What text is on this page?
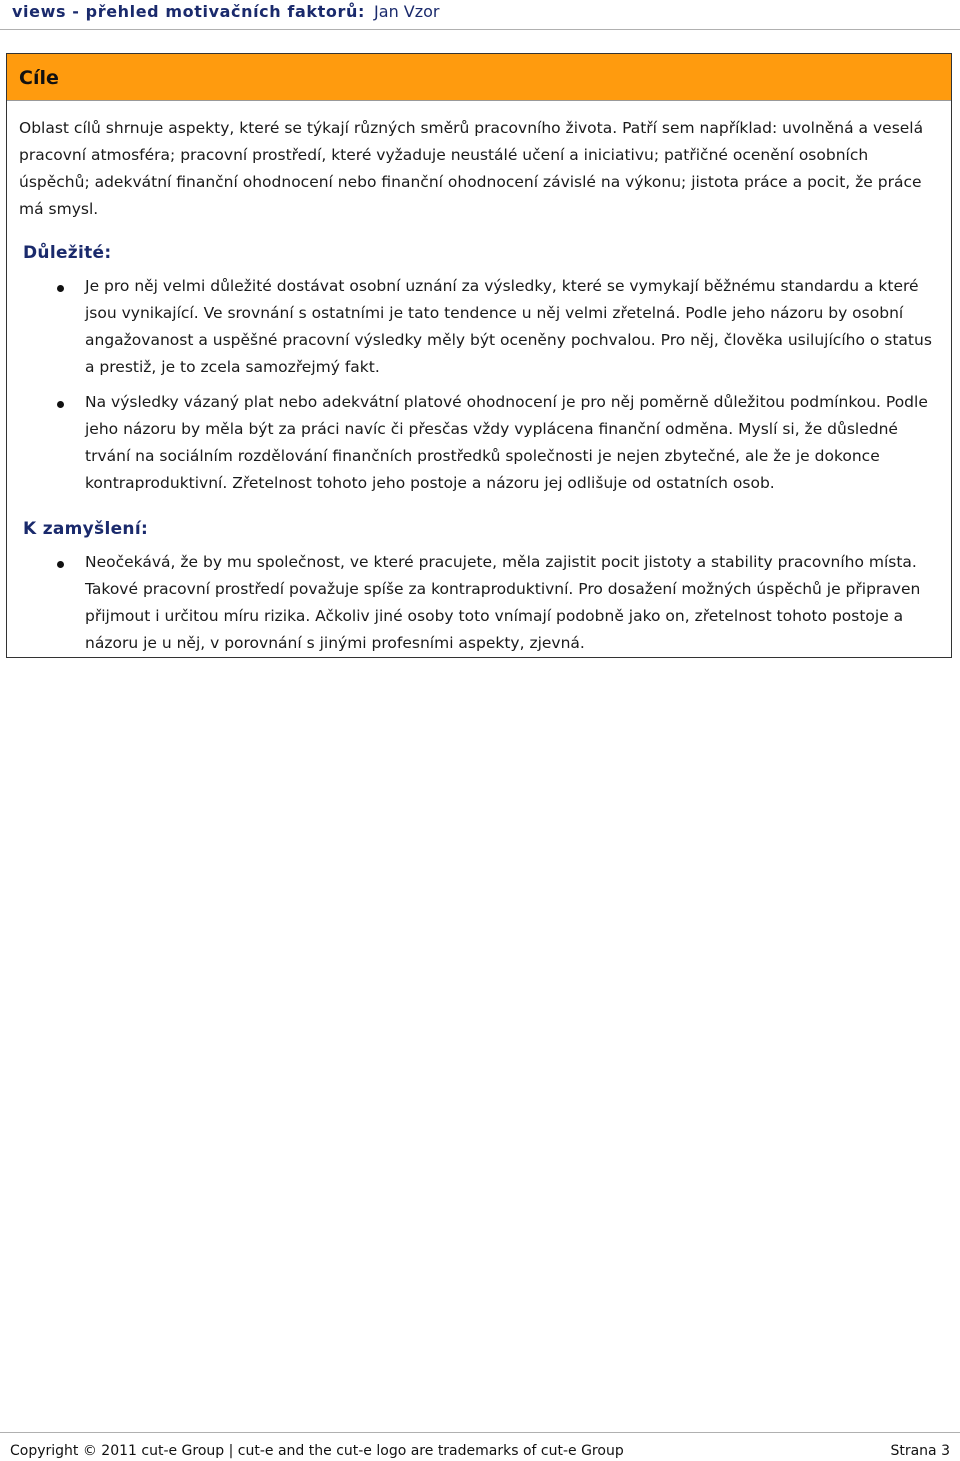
views - přehled motivačních faktorů: Jan Vzor
Cíle

Oblast cílů shrnuje aspekty, které se týkají různých směrů pracovního života. Patří sem například: uvolněná a veselá pracovní atmosféra; pracovní prostředí, které vyžaduje neustálé učení a iniciativu; patřičné ocenění osobních úspěchů; adekvátní finanční ohodnocení nebo finanční ohodnocení závislé na výkonu; jistota práce a pocit, že práce má smysl.

Důležité:
Je pro něj velmi důležité dostávat osobní uznání za výsledky, které se vymykají běžnému standardu a které jsou vynikající. Ve srovnání s ostatními je tato tendence u něj velmi zřetelná. Podle jeho názoru by osobní angažovanost a uspěšné pracovní výsledky měly být oceněny pochvalou. Pro něj, člověka usilujícího o status a prestiž, je to zcela samozřejmý fakt.
Na výsledky vázaný plat nebo adekvátní platové ohodnocení je pro něj poměrně důležitou podmínkou. Podle jeho názoru by měla být za práci navíc či přesčas vždy vyplácena finanční odměna. Myslí si, že důsledné trvání na sociálním rozdělování finančních prostředků společnosti je nejen zbytečné, ale že je dokonce kontraproduktivní. Zřetelnost tohoto jeho postoje a názoru jej odlišuje od ostatních osob.
K zamyšlení:
Neočekává, že by mu společnost, ve které pracujete, měla zajistit pocit jistoty a stability pracovního místa. Takové pracovní prostředí považuje spíše za kontraproduktivní. Pro dosažení možných úspěchů je připraven přijmout i určitou míru rizika. Ačkoliv jiné osoby toto vnímají podobně jako on, zřetelnost tohoto postoje a názoru je u něj, v porovnání s jinými profesními aspekty, zjevná.
Copyright © 2011 cut-e Group | cut-e and the cut-e logo are trademarks of cut-e Group	Strana 3
